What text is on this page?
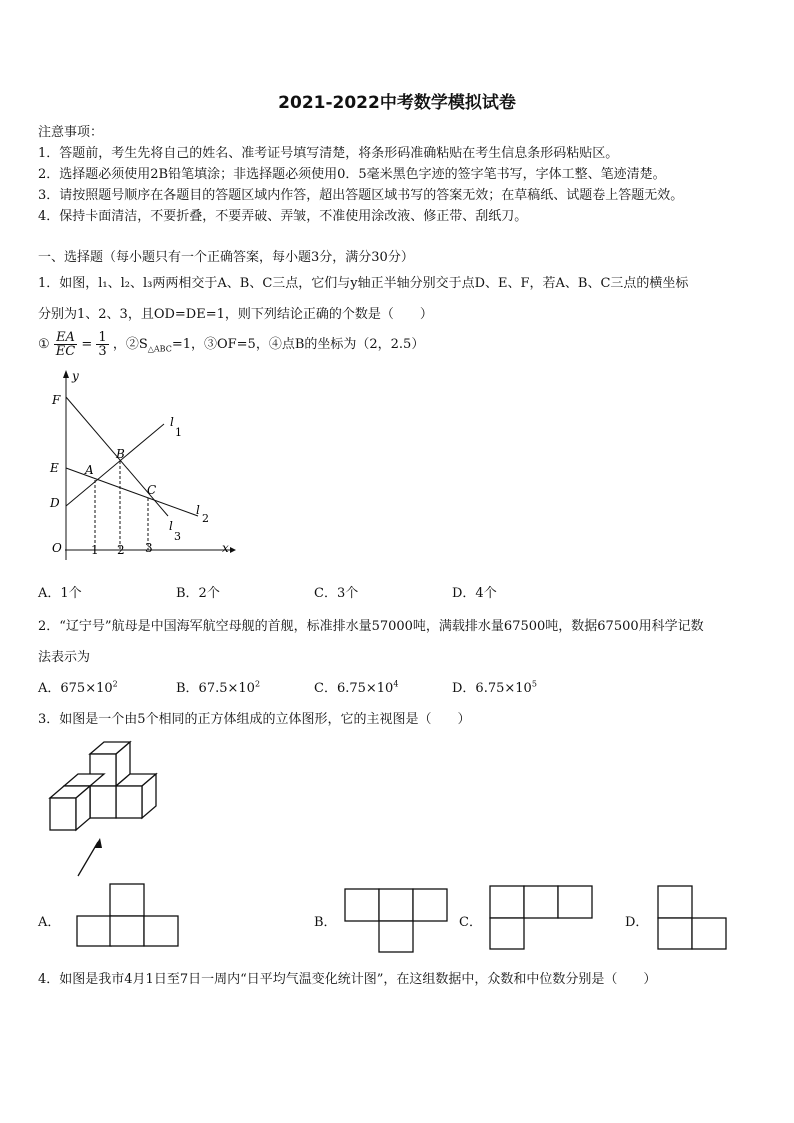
2021-2022中考数学模拟试卷
注意事项：
1．答题前，考生先将自己的姓名、准考证号填写清楚，将条形码准确粘贴在考生信息条形码粘贴区。
2．选择题必须使用2B铅笔填涂；非选择题必须使用0．5毫米黑色字迹的签字笔书写，字体工整、笔迹清楚。
3．请按照题号顺序在各题目的答题区域内作答，超出答题区域书写的答案无效；在草稿纸、试题卷上答题无效。
4．保持卡面清洁，不要折叠，不要弄破、弄皱，不准使用涂改液、修正带、刮纸刀。
一、选择题（每小题只有一个正确答案，每小题3分，满分30分）
1．如图，l₁、l₂、l₃两两相交于A、B、C三点，它们与y轴正半轴分别交于点D、E、F，若A、B、C三点的横坐标
分别为1、2、3，且OD=DE=1，则下列结论正确的个数是（　　）
① $\frac{EA}{EC} = \frac{1}{3}$ ，$②S_{\triangle ABC}=1$，③OF=5，④点B的坐标为（2，2.5）
y
x
O
F
E
D
A
B
C
l
1
l
2
l
3
1 2 3
A．1个	B．2个	C．3个	D．4个
2．“辽宁号”航母是中国海军航空母舰的首舰，标准排水量57000吨，满载排水量67500吨，数据67500用科学记数
法表示为
A．$675\times 10^2$	B．$67.5\times 10^2$	C．$6.75\times 10^4$	D．$6.75\times 10^5$
3．如图是一个由5个相同的正方体组成的立体图形，它的主视图是（　　）
A．	B．	C．	D．
4．如图是我市4月1日至7日一周内“日平均气温变化统计图”，在这组数据中，众数和中位数分别是（　　）
